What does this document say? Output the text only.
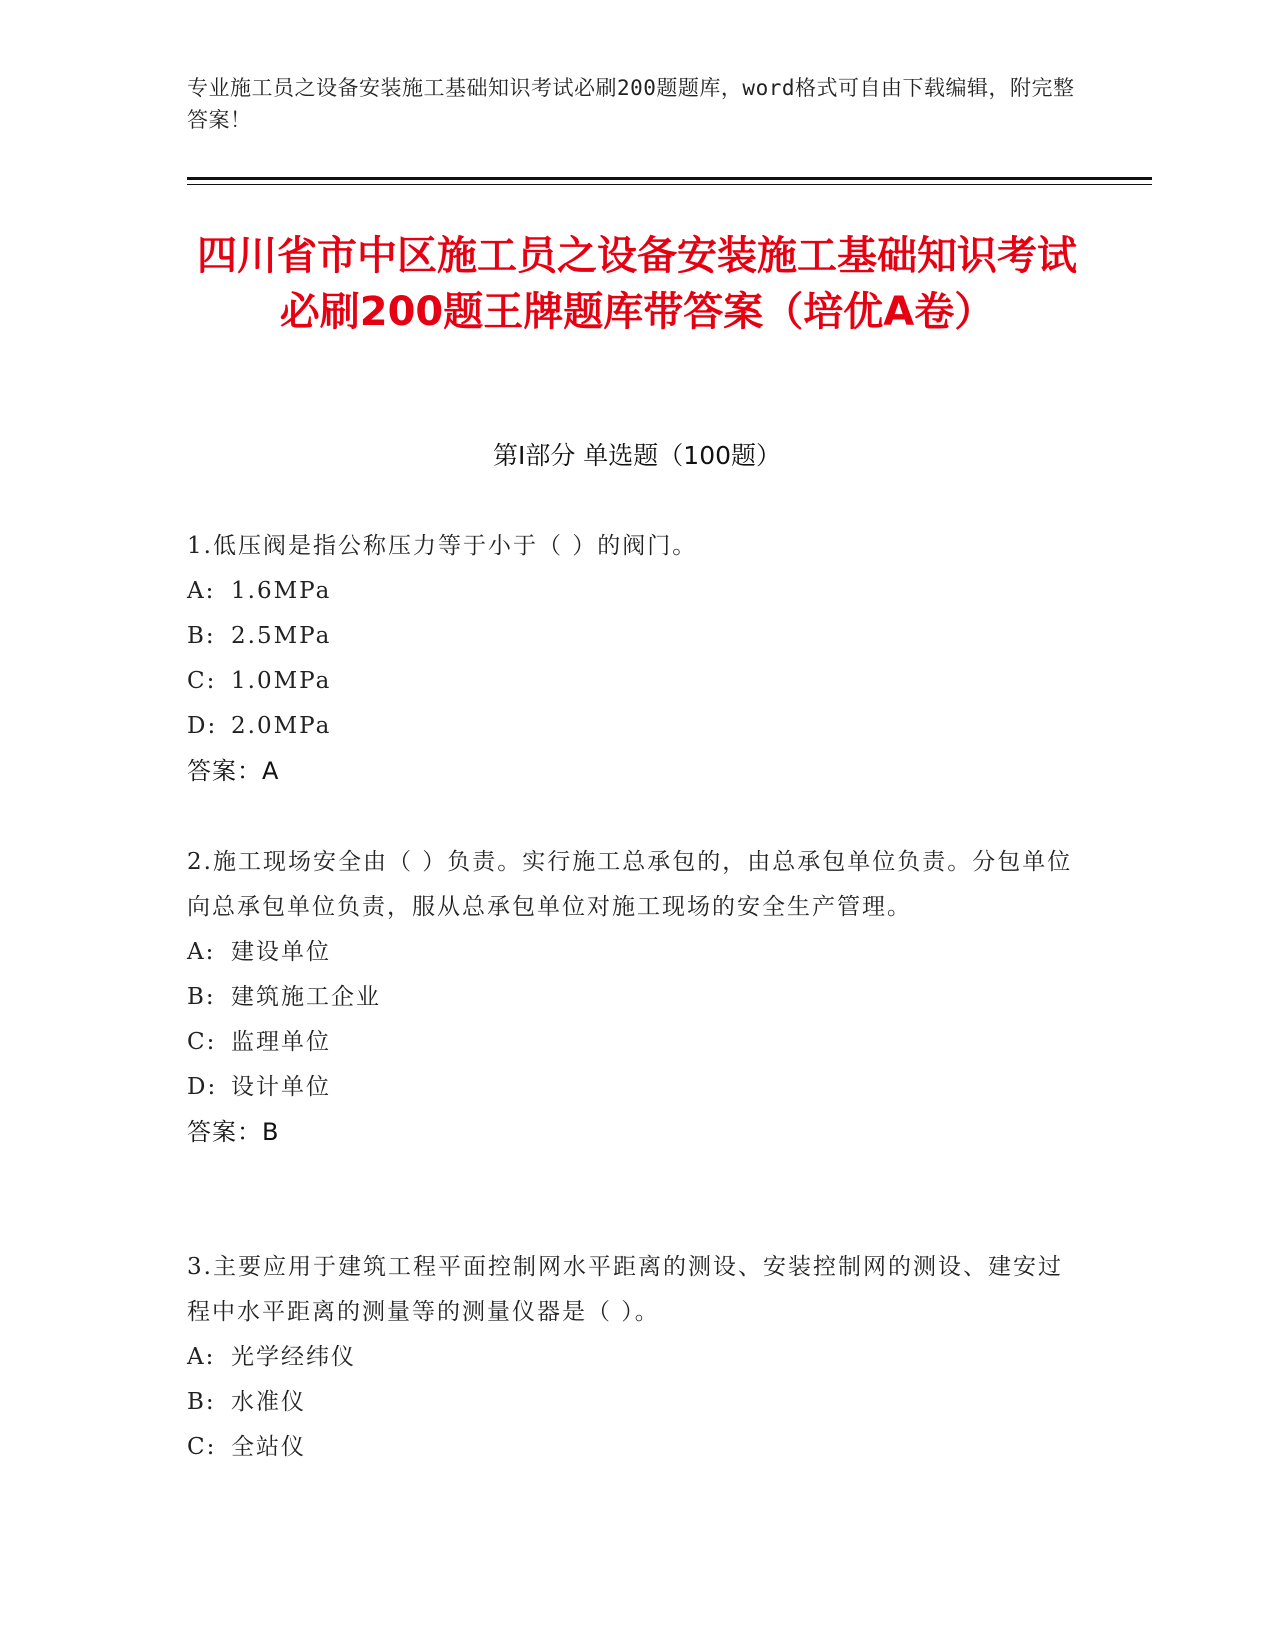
专业施工员之设备安装施工基础知识考试必刷200题题库，word格式可自由下载编辑，附完整答案！
四川省市中区施工员之设备安装施工基础知识考试必刷200题王牌题库带答案（培优A卷）
第I部分 单选题（100题）
1.低压阀是指公称压力等于小于（ ）的阀门。
A: 1.6MPa
B: 2.5MPa
C: 1.0MPa
D: 2.0MPa
答案：A
2.施工现场安全由（ ）负责。实行施工总承包的，由总承包单位负责。分包单位向总承包单位负责，服从总承包单位对施工现场的安全生产管理。
A: 建设单位
B: 建筑施工企业
C: 监理单位
D: 设计单位
答案：B
3.主要应用于建筑工程平面控制网水平距离的测设、安装控制网的测设、建安过程中水平距离的测量等的测量仪器是（ ）。
A: 光学经纬仪
B: 水准仪
C: 全站仪
